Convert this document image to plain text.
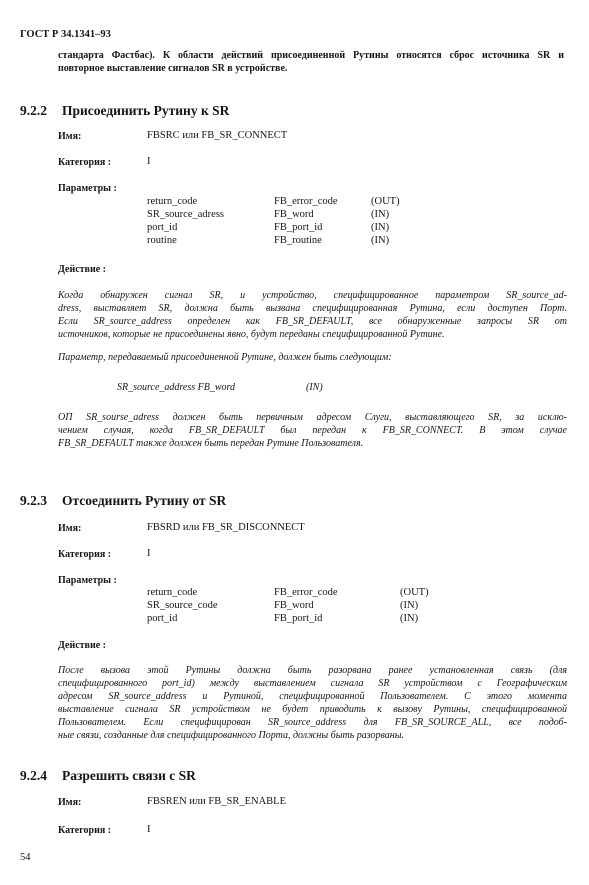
ГОСТ Р 34.1341–93
стандарта Фастбас). К области действий присоединенной Рутины относятся сброс источника SR и
повторное выставление сигналов SR в устройстве.
9.2.2 Присоединить Рутину к SR
Имя:	FBSRC или FB_SR_CONNECT
Категория :	I
Параметры :
return_code	FB_error_code	(OUT)
SR_source_adress	FB_word	(IN)
port_id	FB_port_id	(IN)
routine	FB_routine	(IN)
Действие :
Когда обнаружен сигнал SR, и устройство, специфицированное параметром SR_source_ad-
dress, выставляет SR, должна быть вызвана специфицированная Рутина, если доступен Порт.
Если SR_source_address определен как FB_SR_DEFAULT, все обнаруженные запросы SR от
источников, которые не присоединены явно, будут переданы специфицированной Рутине.
Параметр, передаваемый присоединенной Рутине, должен быть следующим:
SR_source_address FB_word	(IN)
ОП SR_sourse_adress должен быть первичным адресом Слуги, выставляющего SR, за исклю-
чением случая, когда FB_SR_DEFAULT был передан к FB_SR_CONNECT. В этом случае
FB_SR_DEFAULT также должен быть передан Рутине Пользователя.
9.2.3 Отсоединить Рутину от SR
Имя:	FBSRD или FB_SR_DISCONNECT
Категория :	I
Параметры :
return_code	FB_error_code	(OUT)
SR_source_code	FB_word	(IN)
port_id	FB_port_id	(IN)
Действие :
После вызова этой Рутины должна быть разорвана ранее установленная связь (для
специфицированного port_id) между выставлением сигнала SR устройством с Географическим
адресом SR_source_address и Рутиной, специфицированной Пользователем. С этого момента
выставление сигнала SR устройством не будет приводить к вызову Рутины, специфицированной
Пользователем. Если специфицирован SR_source_address для FB_SR_SOURCE_ALL, все подоб-
ные связи, созданные для специфицированного Порта, должны быть разорваны.
9.2.4 Разрешить связи с SR
Имя:	FBSREN или FB_SR_ENABLE
Категория :	I
54
